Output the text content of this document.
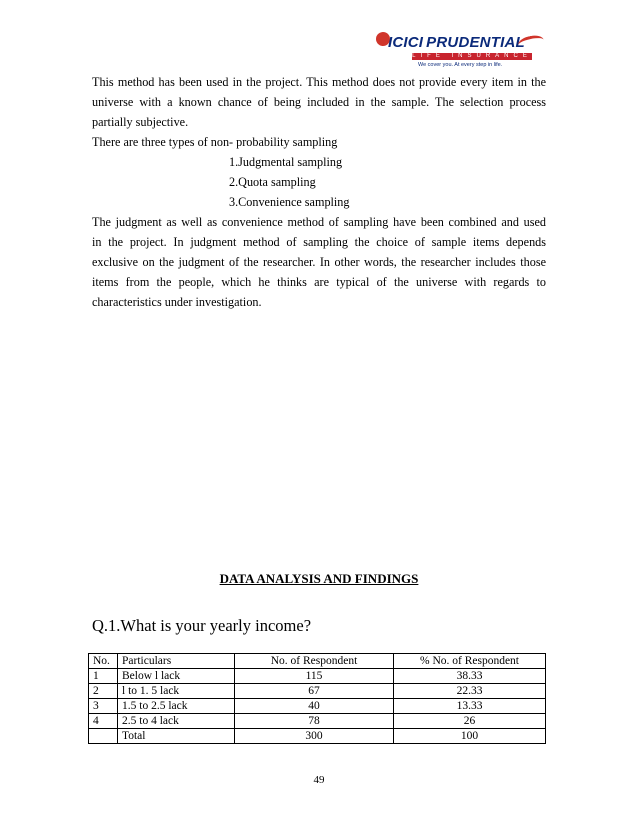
ICICI PRUDENTIAL
LIFE INSURANCE
We cover you. At every step in life.

This method has been used in the project. This method does not provide every item in the
universe with a known chance of being included in the sample. The selection process
partially subjective.

There are three types of non- probability sampling
1.Judgmental sampling
2.Quota sampling
3.Convenience sampling

The judgment as well as convenience method of sampling have been combined and used
in the project. In judgment method of sampling the choice of sample items depends
exclusive on the judgment of the researcher. In other words, the researcher includes those
items from the people, which he thinks are typical of the universe with regards to
characteristics under investigation.

DATA ANALYSIS AND FINDINGS

Q.1.What is your yearly income?

No.	Particulars	No. of Respondent	% No. of Respondent
1	Below l lack	115	38.33
2	l to 1. 5 lack	67	22.33
3	1.5 to 2.5 lack	40	13.33
4	2.5 to 4 lack	78	26
	Total	300	100
49
